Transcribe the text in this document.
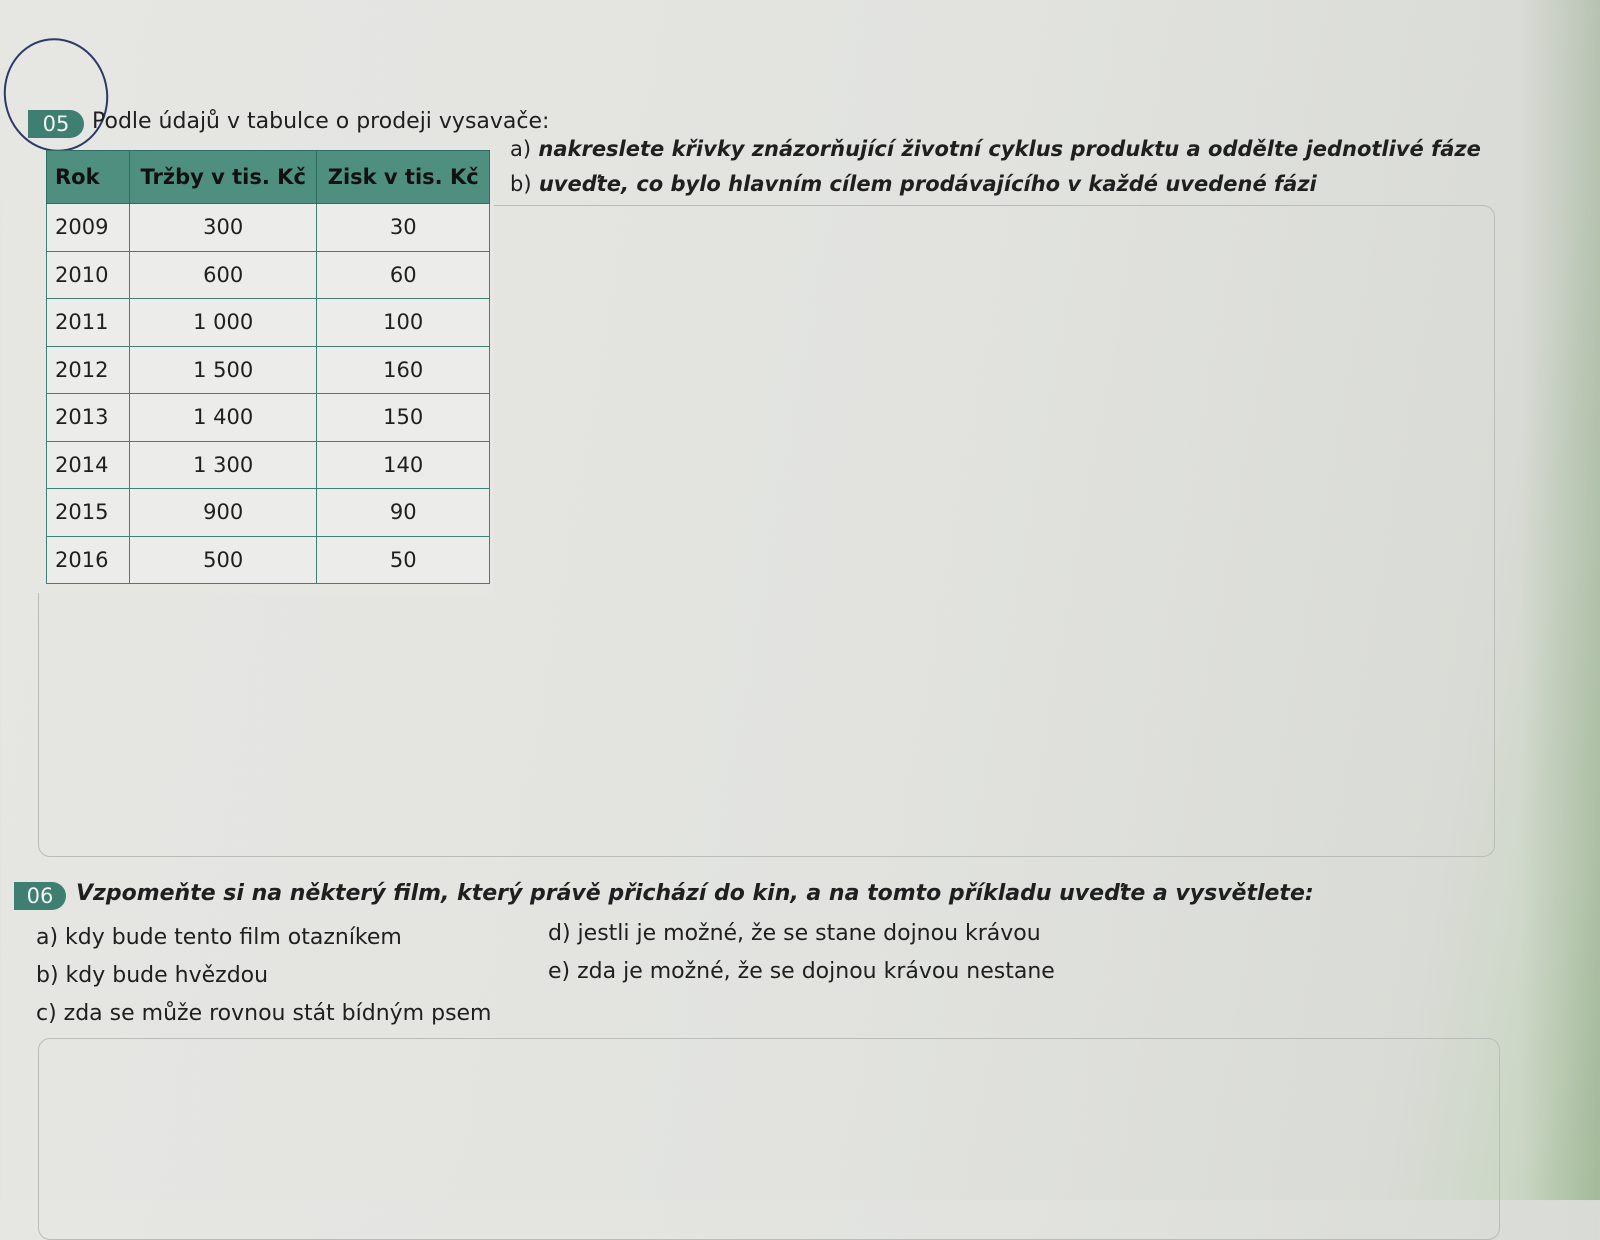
05	Podle údajů v tabulce o prodeji vysavače:
a) nakreslete křivky znázorňující životní cyklus produktu a oddělte jednotlivé fáze
b) uveďte, co bylo hlavním cílem prodávajícího v každé uvedené fázi
Rok	Tržby v tis. Kč	Zisk v tis. Kč
2009	300	30
2010	600	60
2011	1 000	100
2012	1 500	160
2013	1 400	150
2014	1 300	140
2015	900	90
2016	500	50
06	Vzpomeňte si na některý film, který právě přichází do kin, a na tomto příkladu uveďte a vysvětlete:
a) kdy bude tento film otazníkem
b) kdy bude hvězdou
c) zda se může rovnou stát bídným psem
d) jestli je možné, že se stane dojnou krávou
e) zda je možné, že se dojnou krávou nestane
